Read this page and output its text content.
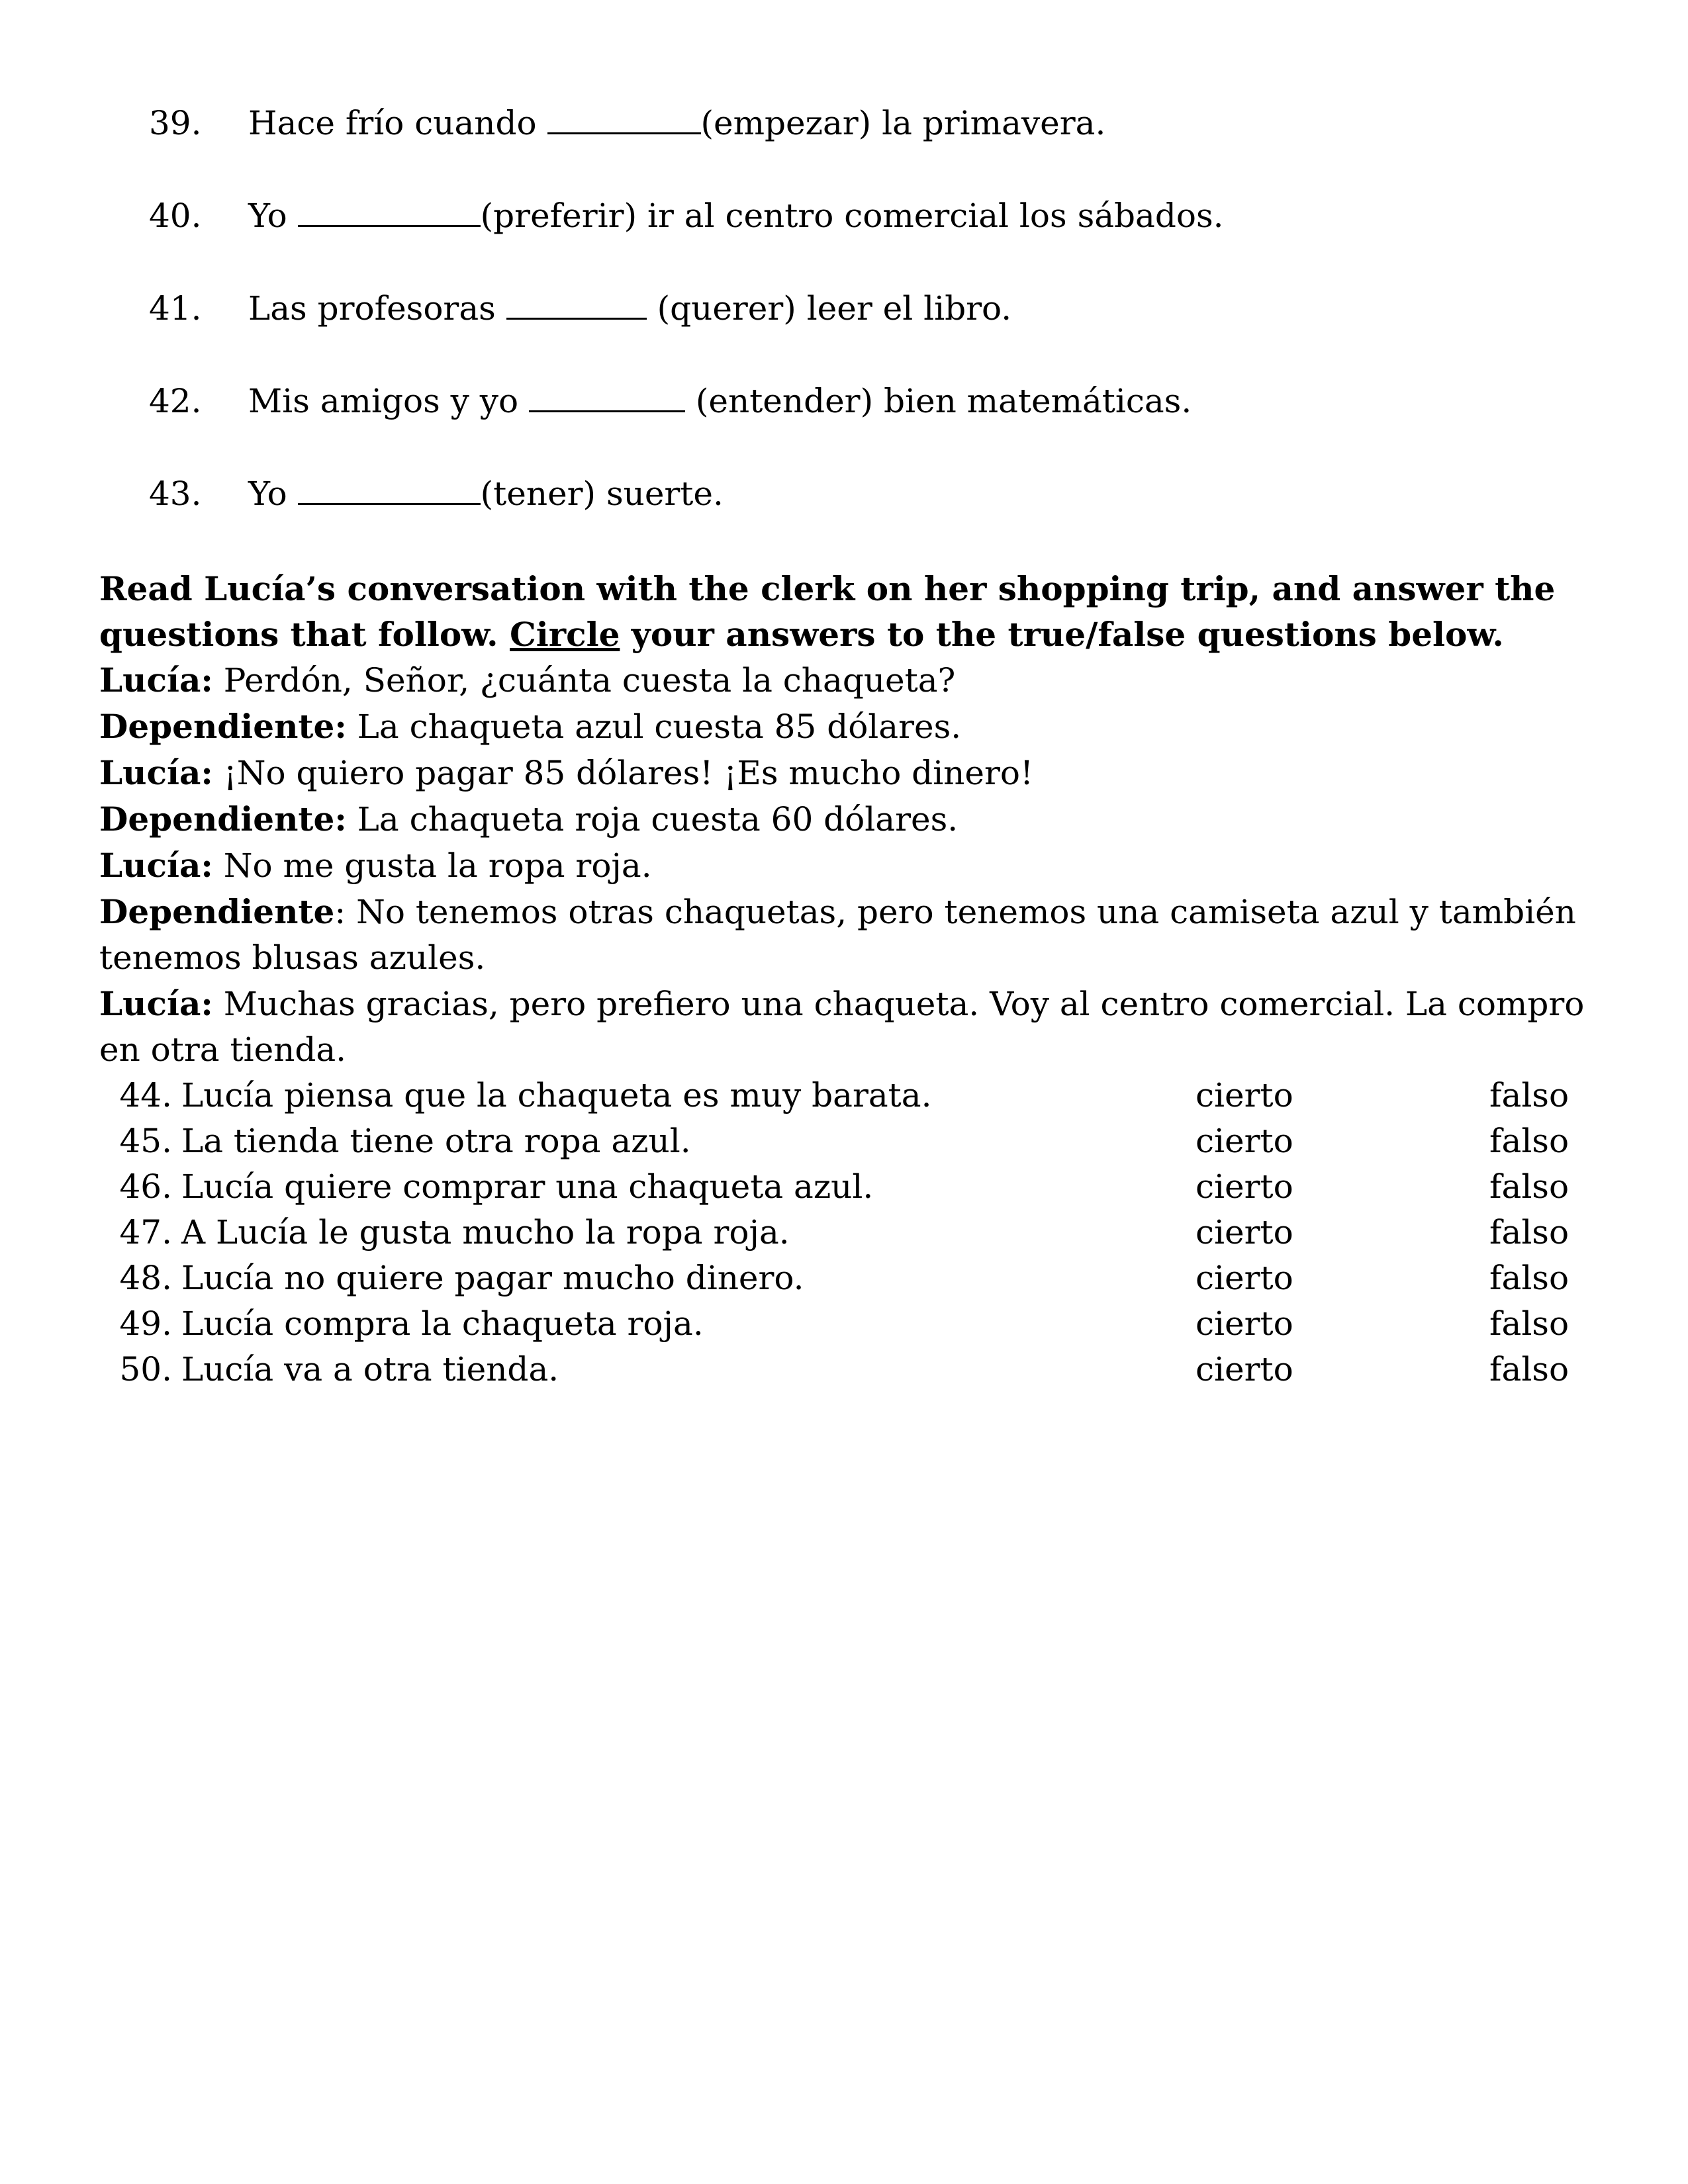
39. Hace frío cuando	(empezar) la primavera.
40. Yo	(preferir) ir al centro comercial los sábados.
41. Las profesoras	(querer) leer el libro.
42. Mis amigos y yo	(entender) bien matemáticas.
43. Yo	(tener) suerte.

Read Lucía’s conversation with the clerk on her shopping trip, and answer the questions that follow. Circle your answers to the true/false questions below.

Lucía: Perdón, Señor, ¿cuánta cuesta la chaqueta?

Dependiente: La chaqueta azul cuesta 85 dólares.

Lucía: ¡No quiero pagar 85 dólares! ¡Es mucho dinero!

Dependiente: La chaqueta roja cuesta 60 dólares.

Lucía: No me gusta la ropa roja.

Dependiente: No tenemos otras chaquetas, pero tenemos una camiseta azul y también tenemos blusas azules.

Lucía: Muchas gracias, pero prefiero una chaqueta. Voy al centro comercial. La compro en otra tienda.

44. Lucía piensa que la chaqueta es muy barata.	cierto	falso
45. La tienda tiene otra ropa azul.	cierto	falso
46. Lucía quiere comprar una chaqueta azul.	cierto	falso
47. A Lucía le gusta mucho la ropa roja.	cierto	falso
48. Lucía no quiere pagar mucho dinero.	cierto	falso
49. Lucía compra la chaqueta roja.	cierto	falso
50. Lucía va a otra tienda.	cierto	falso
